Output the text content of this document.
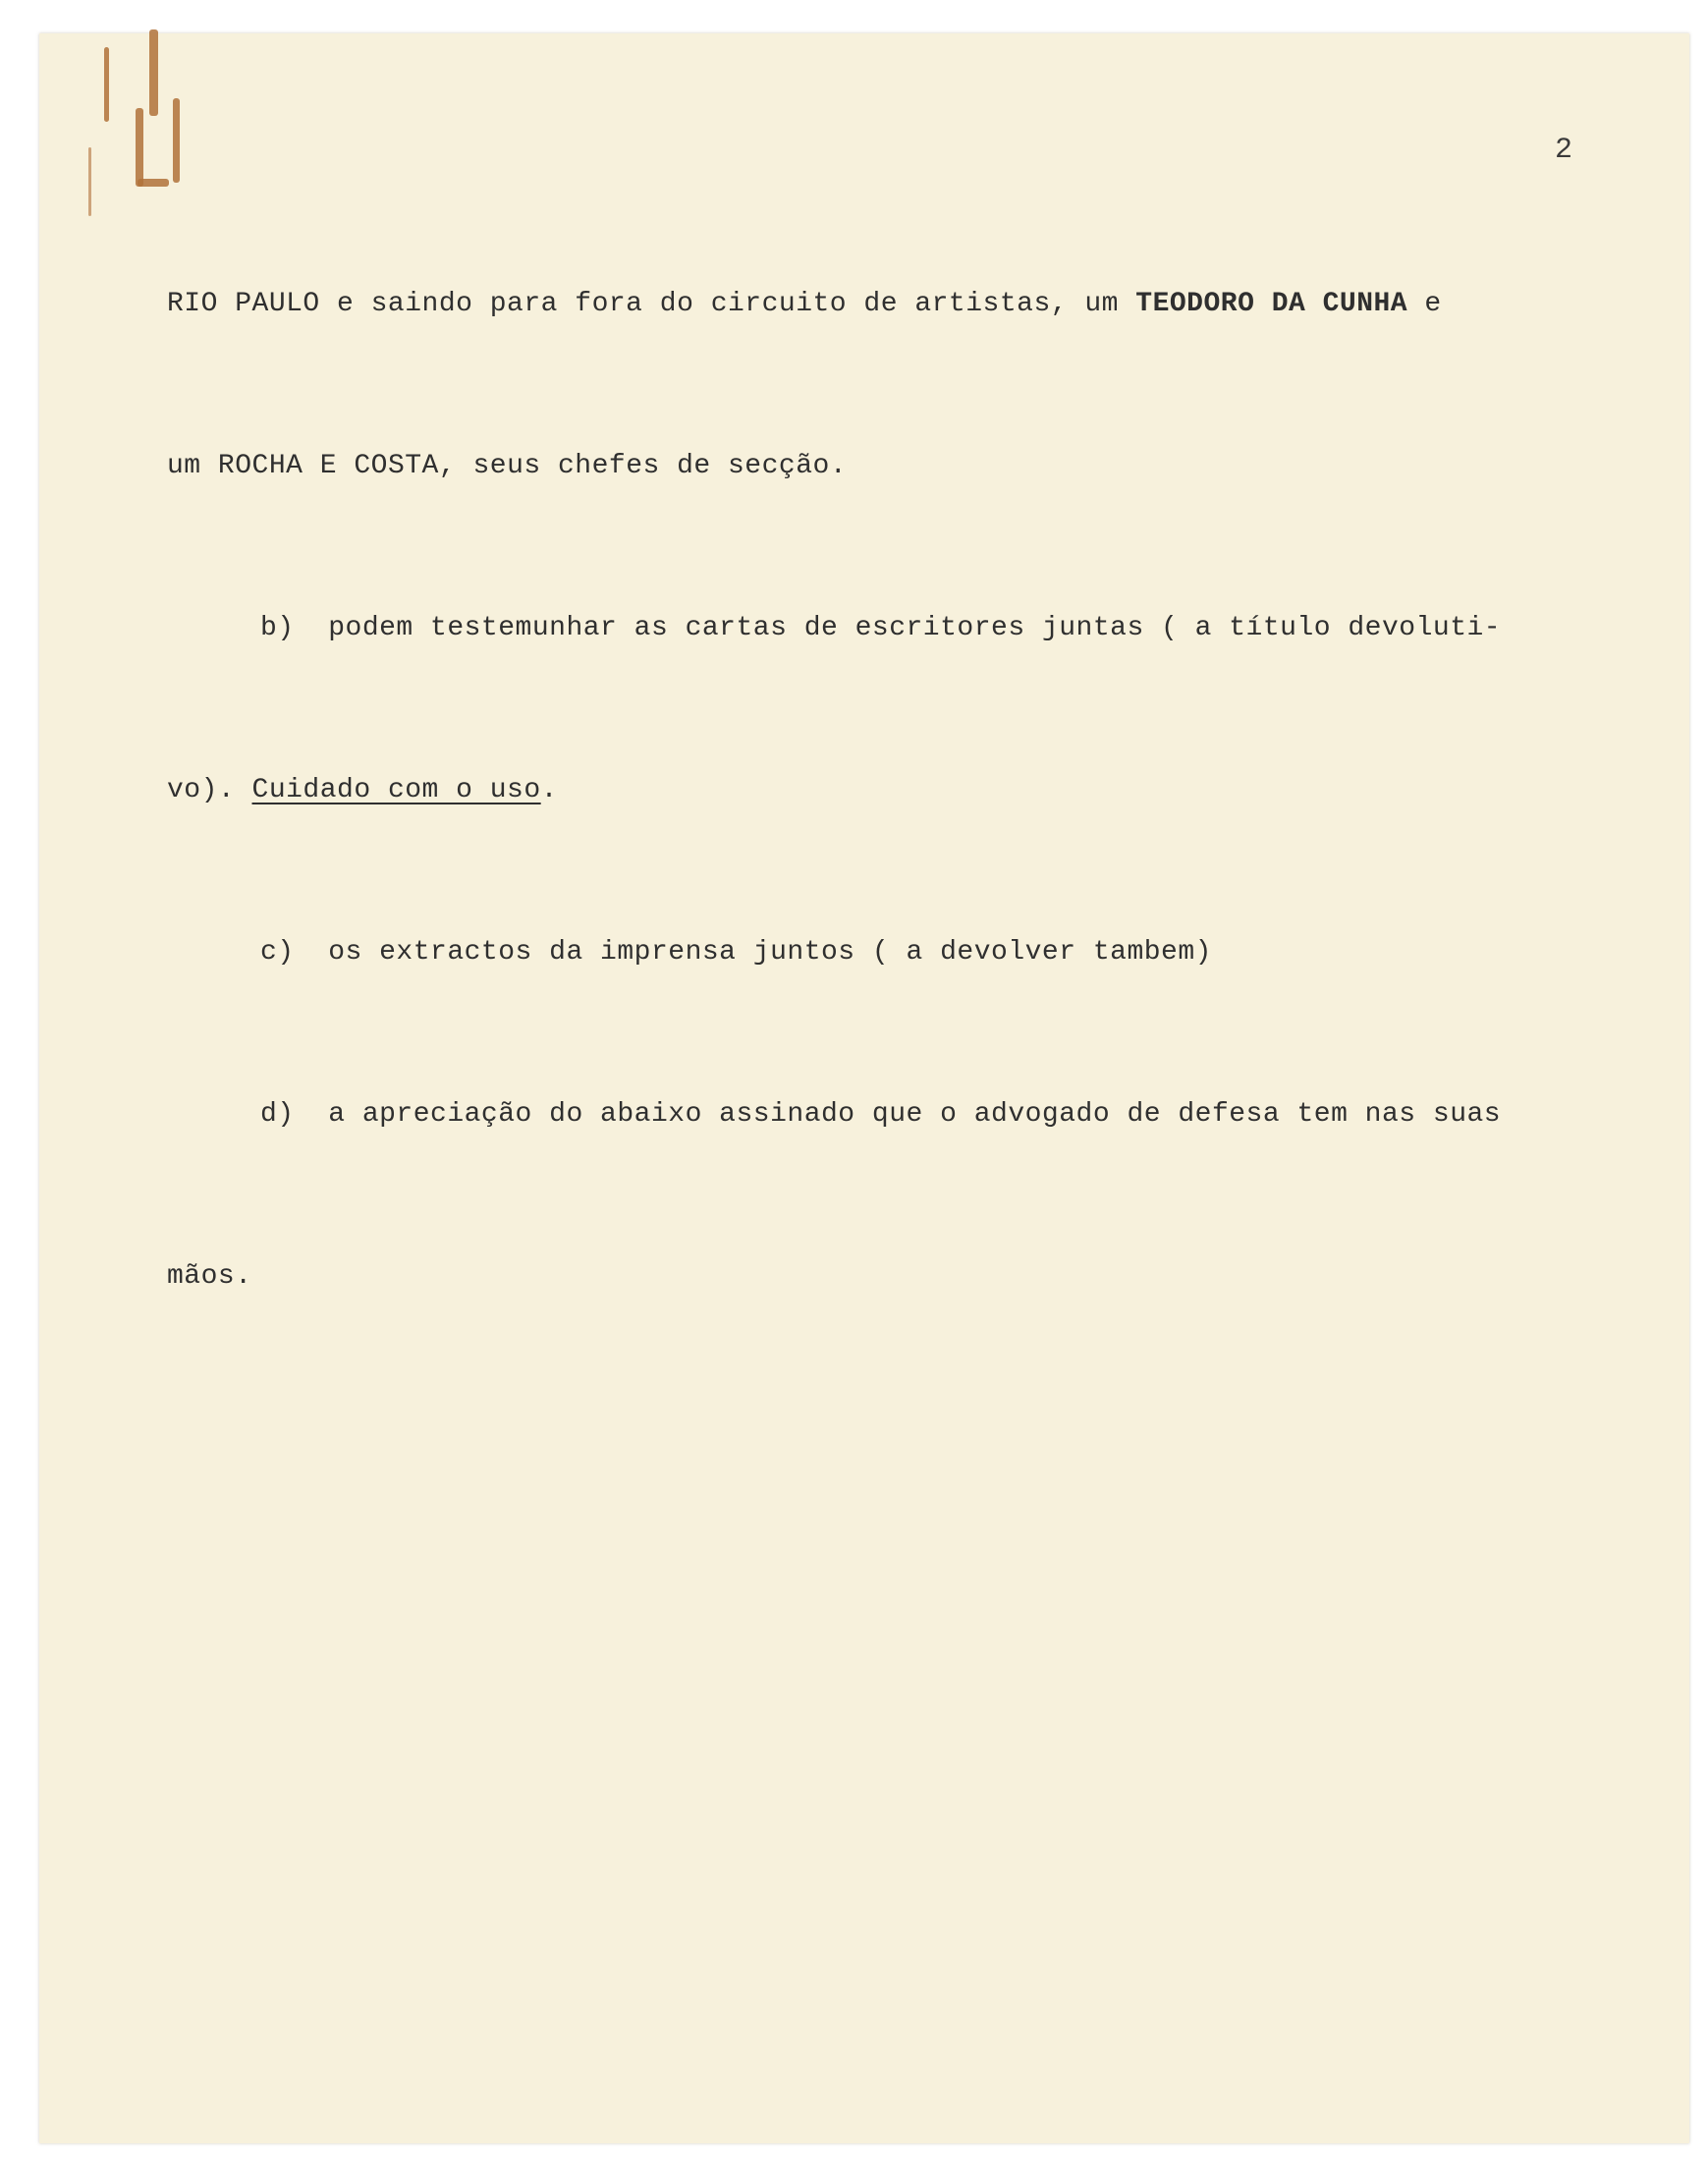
2

RIO PAULO e saindo para fora do circuito de artistas, um TEODORO DA CUNHA e

um ROCHA E COSTA, seus chefes de secção.

b)  podem testemunhar as cartas de escritores juntas ( a título devoluti-

vo). Cuidado com o uso.

c)  os extractos da imprensa juntos ( a devolver tambem)

d)  a apreciação do abaixo assinado que o advogado de defesa tem nas suas

mãos.
